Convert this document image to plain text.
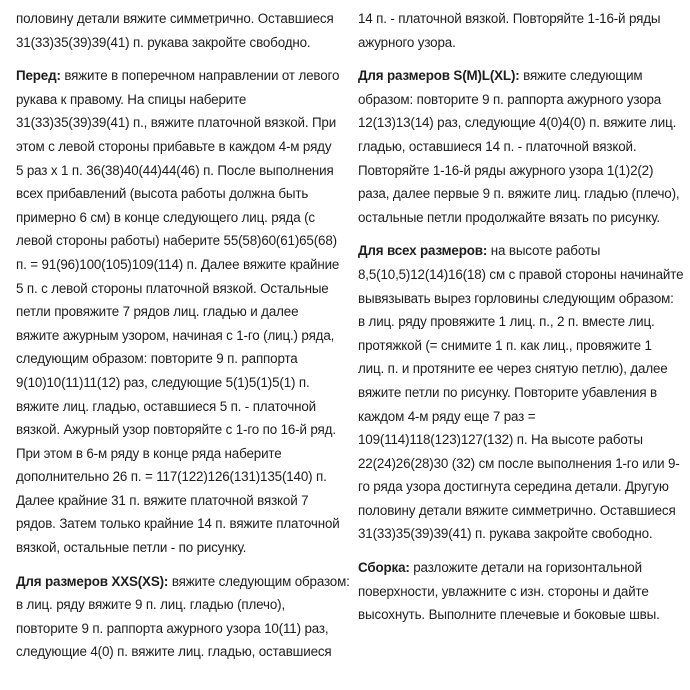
половину детали вяжите симметрично. Оставшиеся
31(33)35(39)39(41) п. рукава закройте свободно.

Перед: вяжите в поперечном направлении от левого
рукава к правому. На спицы наберите
31(33)35(39)39(41) п., вяжите платочной вязкой. При
этом с левой стороны прибавьте в каждом 4-м ряду
5 раз х 1 п. 36(38)40(44)44(46) п. После выполнения
всех прибавлений (высота работы должна быть
примерно 6 см) в конце следующего лиц. ряда (с
левой стороны работы) наберите 55(58)60(61)65(68)
п. = 91(96)100(105)109(114) п. Далее вяжите крайние
5 п. с левой стороны платочной вязкой. Остальные
петли провяжите 7 рядов лиц. гладью и далее
вяжите ажурным узором, начиная с 1-го (лиц.) ряда,
следующим образом: повторите 9 п. раппорта
9(10)10(11)11(12) раз, следующие 5(1)5(1)5(1) п.
вяжите лиц. гладью, оставшиеся 5 п. - платочной
вязкой. Ажурный узор повторяйте с 1-го по 16-й ряд.
При этом в 6-м ряду в конце ряда наберите
дополнительно 26 п. = 117(122)126(131)135(140) п.
Далее крайние 31 п. вяжите платочной вязкой 7
рядов. Затем только крайние 14 п. вяжите платочной
вязкой, остальные петли - по рисунку.

Для размеров XXS(XS): вяжите следующим образом:
в лиц. ряду вяжите 9 п. лиц. гладью (плечо),
повторите 9 п. раппорта ажурного узора 10(11) раз,
следующие 4(0) п. вяжите лиц. гладью, оставшиеся

14 п. - платочной вязкой. Повторяйте 1-16-й ряды
ажурного узора.

Для размеров S(M)L(XL): вяжите следующим
образом: повторите 9 п. раппорта ажурного узора
12(13)13(14) раз, следующие 4(0)4(0) п. вяжите лиц.
гладью, оставшиеся 14 п. - платочной вязкой.
Повторяйте 1-16-й ряды ажурного узора 1(1)2(2)
раза, далее первые 9 п. вяжите лиц. гладью (плечо),
остальные петли продолжайте вязать по рисунку.

Для всех размеров: на высоте работы
8,5(10,5)12(14)16(18) см с правой стороны начинайте
вывязывать вырез горловины следующим образом:
в лиц. ряду провяжите 1 лиц. п., 2 п. вместе лиц.
протяжкой (= снимите 1 п. как лиц., провяжите 1
лиц. п. и протяните ее через снятую петлю), далее
вяжите петли по рисунку. Повторите убавления в
каждом 4-м ряду еще 7 раз =
109(114)118(123)127(132) п. На высоте работы
22(24)26(28)30 (32) см после выполнения 1-го или 9-
го ряда узора достигнута середина детали. Другую
половину детали вяжите симметрично. Оставшиеся
31(33)35(39)39(41) п. рукава закройте свободно.

Сборка: разложите детали на горизонтальной
поверхности, увлажните с изн. стороны и дайте
высохнуть. Выполните плечевые и боковые швы.
